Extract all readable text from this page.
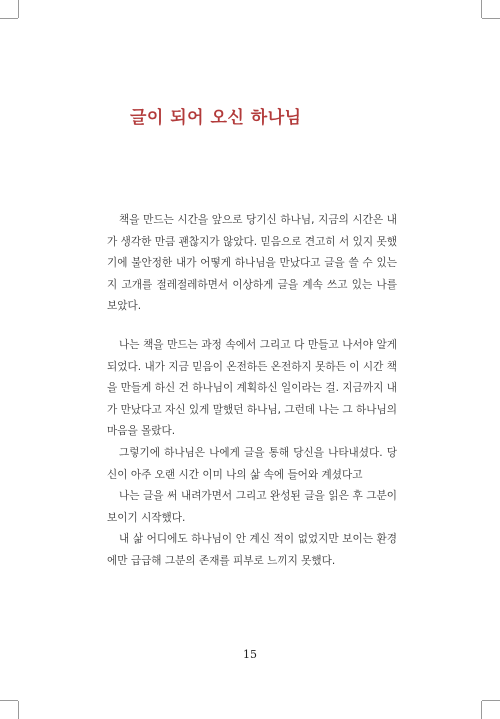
글이 되어 오신 하나님

책을 만드는 시간을 앞으로 당기신 하나님, 지금의 시간은 내가 생각한 만큼 괜찮지가 않았다. 믿음으로 견고히 서 있지 못했기에 불안정한 내가 어떻게 하나님을 만났다고 글을 쓸 수 있는지 고개를 절레절레하면서 이상하게 글을 계속 쓰고 있는 나를 보았다.

나는 책을 만드는 과정 속에서 그리고 다 만들고 나서야 알게 되었다. 내가 지금 믿음이 온전하든 온전하지 못하든 이 시간 책을 만들게 하신 건 하나님이 계획하신 일이라는 걸. 지금까지 내가 만났다고 자신 있게 말했던 하나님, 그런데 나는 그 하나님의 마음을 몰랐다.

그렇기에 하나님은 나에게 글을 통해 당신을 나타내셨다. 당신이 아주 오랜 시간 이미 나의 삶 속에 들어와 계셨다고

나는 글을 써 내려가면서 그리고 완성된 글을 읽은 후 그분이 보이기 시작했다.

내 삶 어디에도 하나님이 안 계신 적이 없었지만 보이는 환경에만 급급해 그분의 존재를 피부로 느끼지 못했다.

15
